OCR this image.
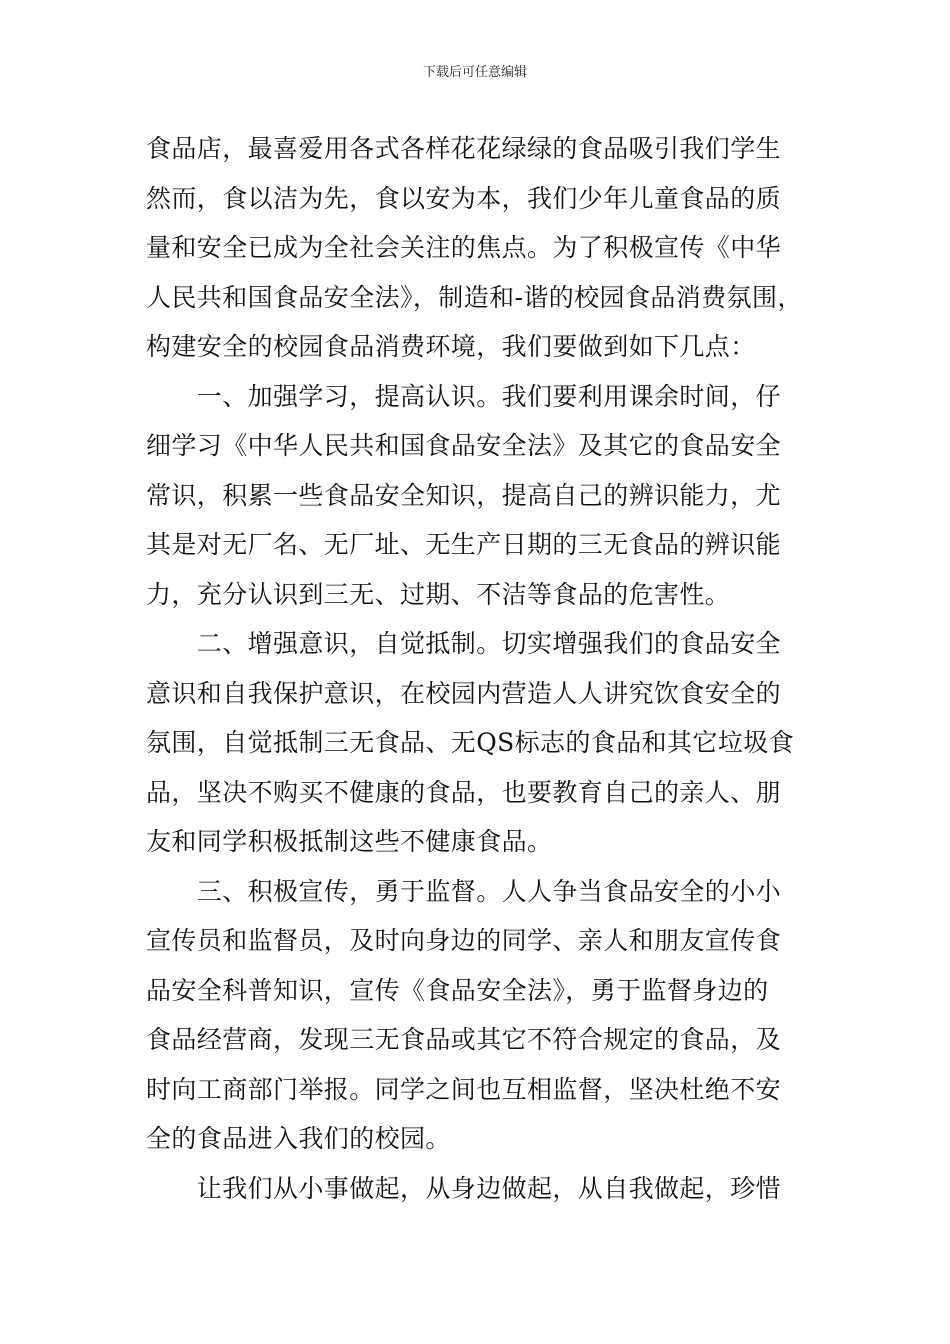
下载后可任意编辑
食品店，最喜爱用各式各样花花绿绿的食品吸引我们学生
然而，食以洁为先，食以安为本，我们少年儿童食品的质
量和安全已成为全社会关注的焦点。为了积极宣传《中华
人民共和国食品安全法》，制造和-谐的校园食品消费氛围，
构建安全的校园食品消费环境，我们要做到如下几点：
　　一、加强学习，提高认识。我们要利用课余时间，仔
细学习《中华人民共和国食品安全法》及其它的食品安全
常识，积累一些食品安全知识，提高自己的辨识能力，尤
其是对无厂名、无厂址、无生产日期的三无食品的辨识能
力，充分认识到三无、过期、不洁等食品的危害性。
　　二、增强意识，自觉抵制。切实增强我们的食品安全
意识和自我保护意识，在校园内营造人人讲究饮食安全的
氛围，自觉抵制三无食品、无QS标志的食品和其它垃圾食
品，坚决不购买不健康的食品，也要教育自己的亲人、朋
友和同学积极抵制这些不健康食品。
　　三、积极宣传，勇于监督。人人争当食品安全的小小
宣传员和监督员，及时向身边的同学、亲人和朋友宣传食
品安全科普知识，宣传《食品安全法》，勇于监督身边的
食品经营商，发现三无食品或其它不符合规定的食品，及
时向工商部门举报。同学之间也互相监督，坚决杜绝不安
全的食品进入我们的校园。
　　让我们从小事做起，从身边做起，从自我做起，珍惜
